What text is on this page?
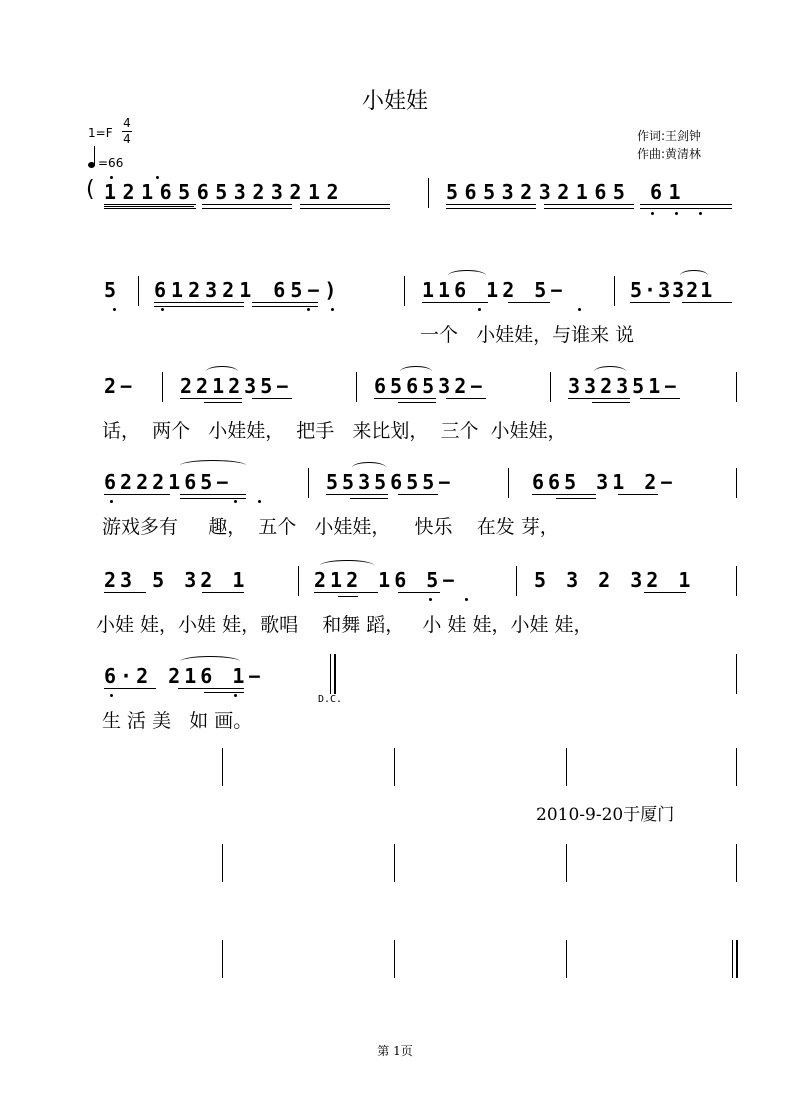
小娃娃
1=F
4
4
=66
作词:王剑钟
作曲:黄清林
( 1216565323212	5653232165 61
5 612321 65−)	116 12 5−	5·3321
一个   小娃娃，与谁来 说
2− 221235−	656532−	332351−
话，  两个   小娃娃，  把手   来比划，  三个  小娃娃，
6222165−	5535655−	665 31 2−
游戏多有     趣，  五个   小娃娃，    快乐    在发 芽，
23 5 32 1	212 16 5−	5 3 2 32 1
小娃 娃，小娃 娃，歌唱    和舞 蹈，   小 娃 娃，小娃 娃，
6·2 216 1−
D.C.
生 活 美   如 画。
2010-9-20于厦门
第 1页
